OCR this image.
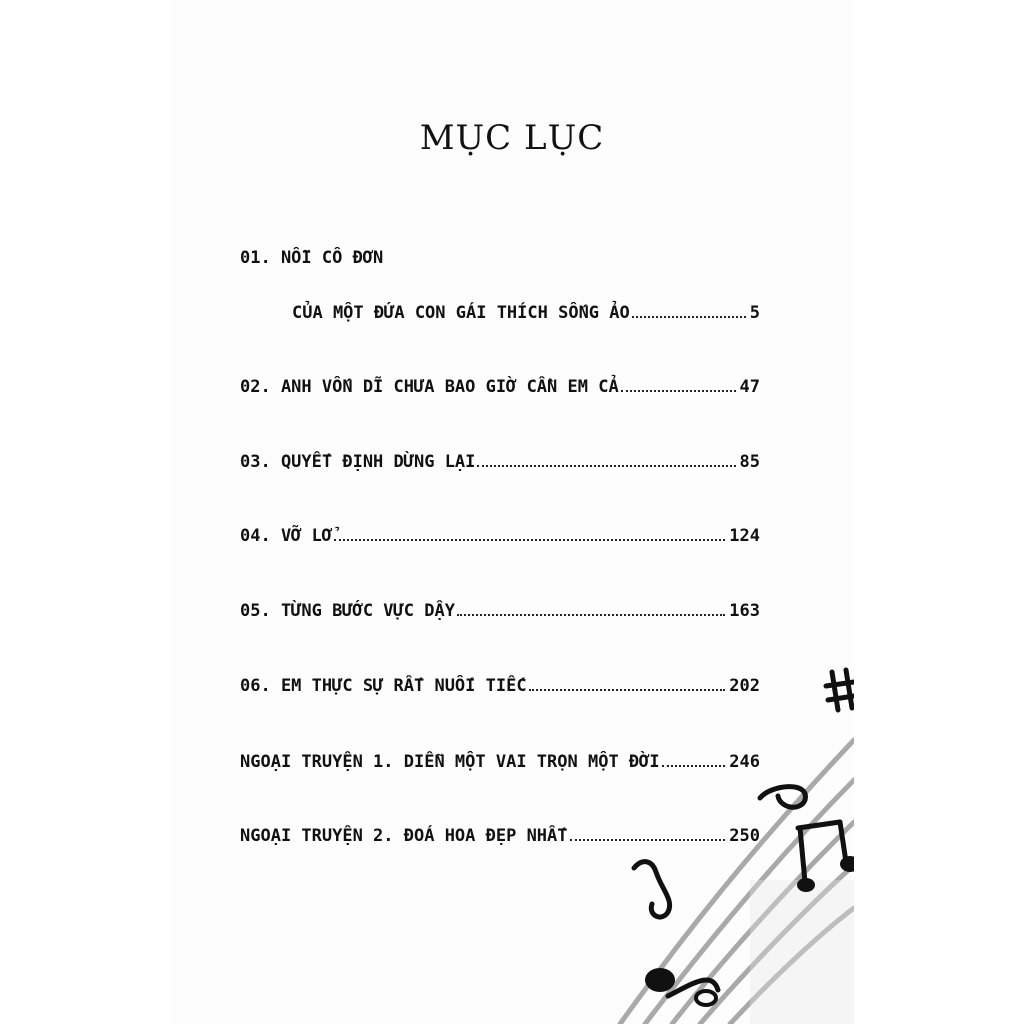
MỤC LỤC
01. NỖI CÔ ĐƠN
CỦA MỘT ĐỨA CON GÁI THÍCH SỐNG ẢO	5
02. ANH VỐN DĨ CHƯA BAO GIỜ CẦN EM CẢ	47
03. QUYẾT ĐỊNH DỪNG LẠI	85
04. VỠ LỞ	124
05. TỪNG BƯỚC VỰC DẬY	163
06. EM THỰC SỰ RẤT NUỐI TIẾC	202
NGOẠI TRUYỆN 1. DIỄN MỘT VAI TRỌN MỘT ĐỜI	246
NGOẠI TRUYỆN 2. ĐOÁ HOA ĐẸP NHẤT	250
